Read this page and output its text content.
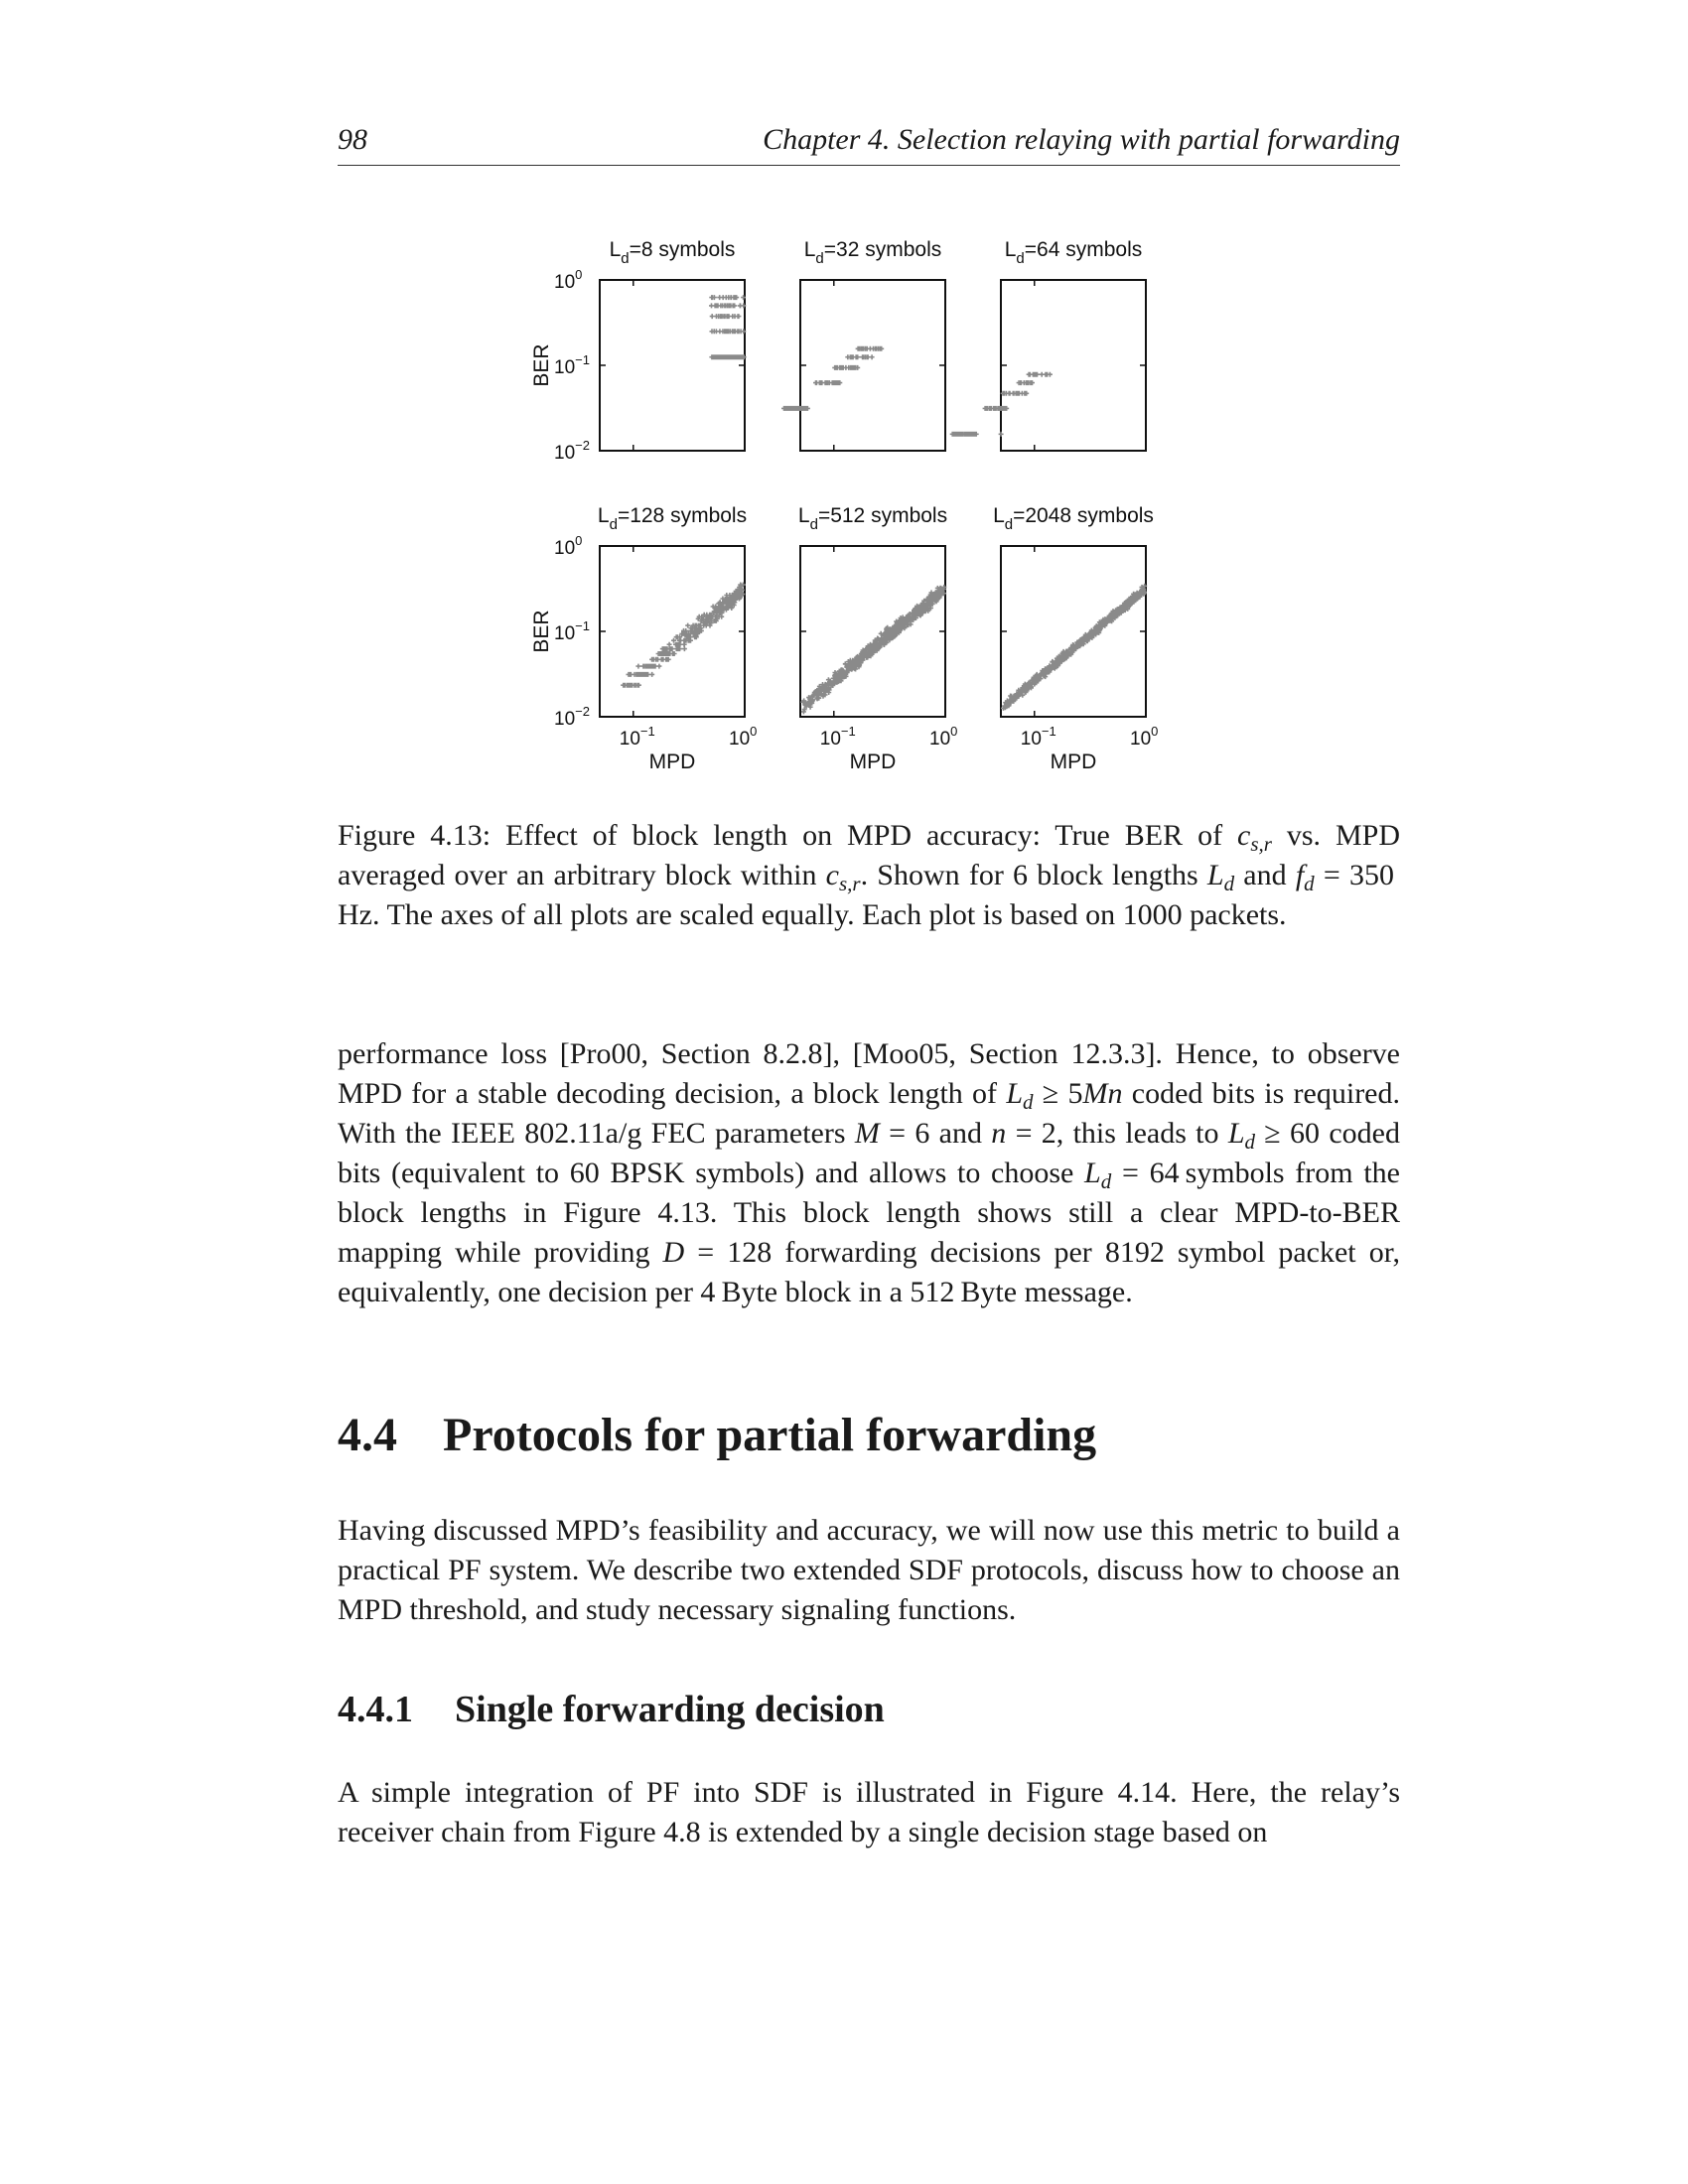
98	Chapter 4. Selection relaying with partial forwarding
$L_d=8$ symbols
$10^0$
$10^{-1}$
$10^{-2}$
BER
$L_d=32$ symbols	$L_d=64$ symbols
$L_d=128$ symbols
$10^0$
$10^{-1}$
$10^{-2}$
BER
$10^{-1}$	$10^0$
MPD
$L_d=512$ symbols
$10^{-1}$	$10^0$
MPD
$L_d=2048$ symbols
$10^{-1}$	$10^0$
MPD
Figure 4.13: Effect of block length on MPD accuracy: True BER of $c_{s,r}$ vs. MPD averaged over an arbitrary block within $c_{s,r}$. Shown for 6 block lengths $L_d$ and $f_d = 350$ Hz. The axes of all plots are scaled equally. Each plot is based on 1000 packets.

performance loss [Pro00, Section 8.2.8], [Moo05, Section 12.3.3]. Hence, to observe MPD for a stable decoding decision, a block length of $L_d \ge 5Mn$ coded bits is required. With the IEEE 802.11a/g FEC parameters M = 6 and n = 2, this leads to $L_d \ge 60$ coded bits (equivalent to 60 BPSK symbols) and allows to choose $L_d = 64$ symbols from the block lengths in Figure 4.13. This block length shows still a clear MPD-to-BER mapping while providing D = 128 forwarding decisions per 8192 symbol packet or, equivalently, one decision per 4 Byte block in a 512 Byte message.

4.4 Protocols for partial forwarding

Having discussed MPD’s feasibility and accuracy, we will now use this metric to build a practical PF system. We describe two extended SDF protocols, discuss how to choose an MPD threshold, and study necessary signaling functions.

4.4.1 Single forwarding decision

A simple integration of PF into SDF is illustrated in Figure 4.14. Here, the relay’s receiver chain from Figure 4.8 is extended by a single decision stage based on
